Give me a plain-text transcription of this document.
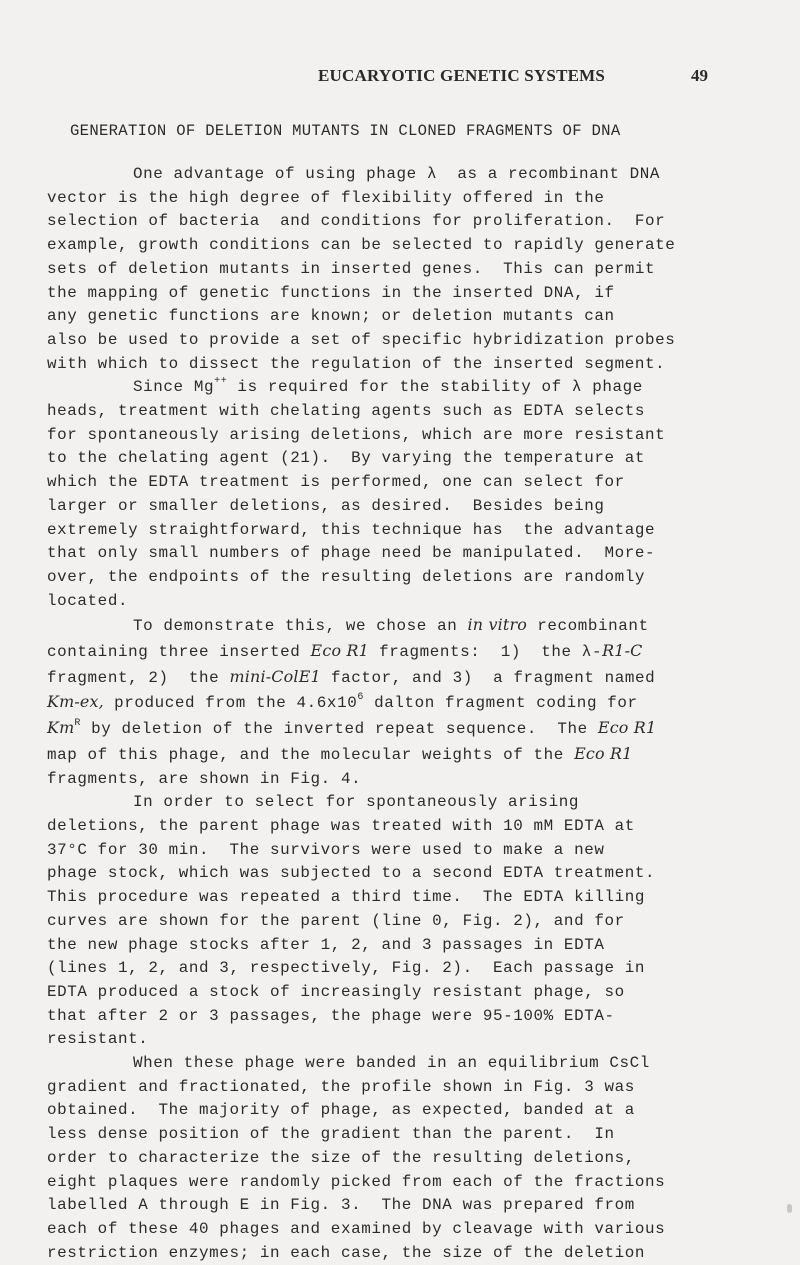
EUCARYOTIC GENETIC SYSTEMS	49
GENERATION OF DELETION MUTANTS IN CLONED FRAGMENTS OF DNA
One advantage of using phage λ  as a recombinant DNA
vector is the high degree of flexibility offered in the
selection of bacteria  and conditions for proliferation.  For
example, growth conditions can be selected to rapidly generate
sets of deletion mutants in inserted genes.  This can permit
the mapping of genetic functions in the inserted DNA, if
any genetic functions are known; or deletion mutants can
also be used to provide a set of specific hybridization probes
with which to dissect the regulation of the inserted segment.
Since Mg++ is required for the stability of λ phage
heads, treatment with chelating agents such as EDTA selects
for spontaneously arising deletions, which are more resistant
to the chelating agent (21).  By varying the temperature at
which the EDTA treatment is performed, one can select for
larger or smaller deletions, as desired.  Besides being
extremely straightforward, this technique has  the advantage
that only small numbers of phage need be manipulated.  More-
over, the endpoints of the resulting deletions are randomly
located.
To demonstrate this, we chose an in vitro recombinant
containing three inserted Eco R1 fragments:  1)  the λ-R1-C
fragment, 2)  the mini-ColE1 factor, and 3)  a fragment named
Km-ex, produced from the $4.6x10^6$ dalton fragment coding for
$Km^R$ by deletion of the inverted repeat sequence.  The Eco R1
map of this phage, and the molecular weights of the Eco R1
fragments, are shown in Fig. 4.
In order to select for spontaneously arising
deletions, the parent phage was treated with 10 mM EDTA at
37°C for 30 min.  The survivors were used to make a new
phage stock, which was subjected to a second EDTA treatment.
This procedure was repeated a third time.  The EDTA killing
curves are shown for the parent (line 0, Fig. 2), and for
the new phage stocks after 1, 2, and 3 passages in EDTA
(lines 1, 2, and 3, respectively, Fig. 2).  Each passage in
EDTA produced a stock of increasingly resistant phage, so
that after 2 or 3 passages, the phage were 95-100% EDTA-
resistant.
When these phage were banded in an equilibrium CsCl
gradient and fractionated, the profile shown in Fig. 3 was
obtained.  The majority of phage, as expected, banded at a
less dense position of the gradient than the parent.  In
order to characterize the size of the resulting deletions,
eight plaques were randomly picked from each of the fractions
labelled A through E in Fig. 3.  The DNA was prepared from
each of these 40 phages and examined by cleavage with various
restriction enzymes; in each case, the size of the deletion
